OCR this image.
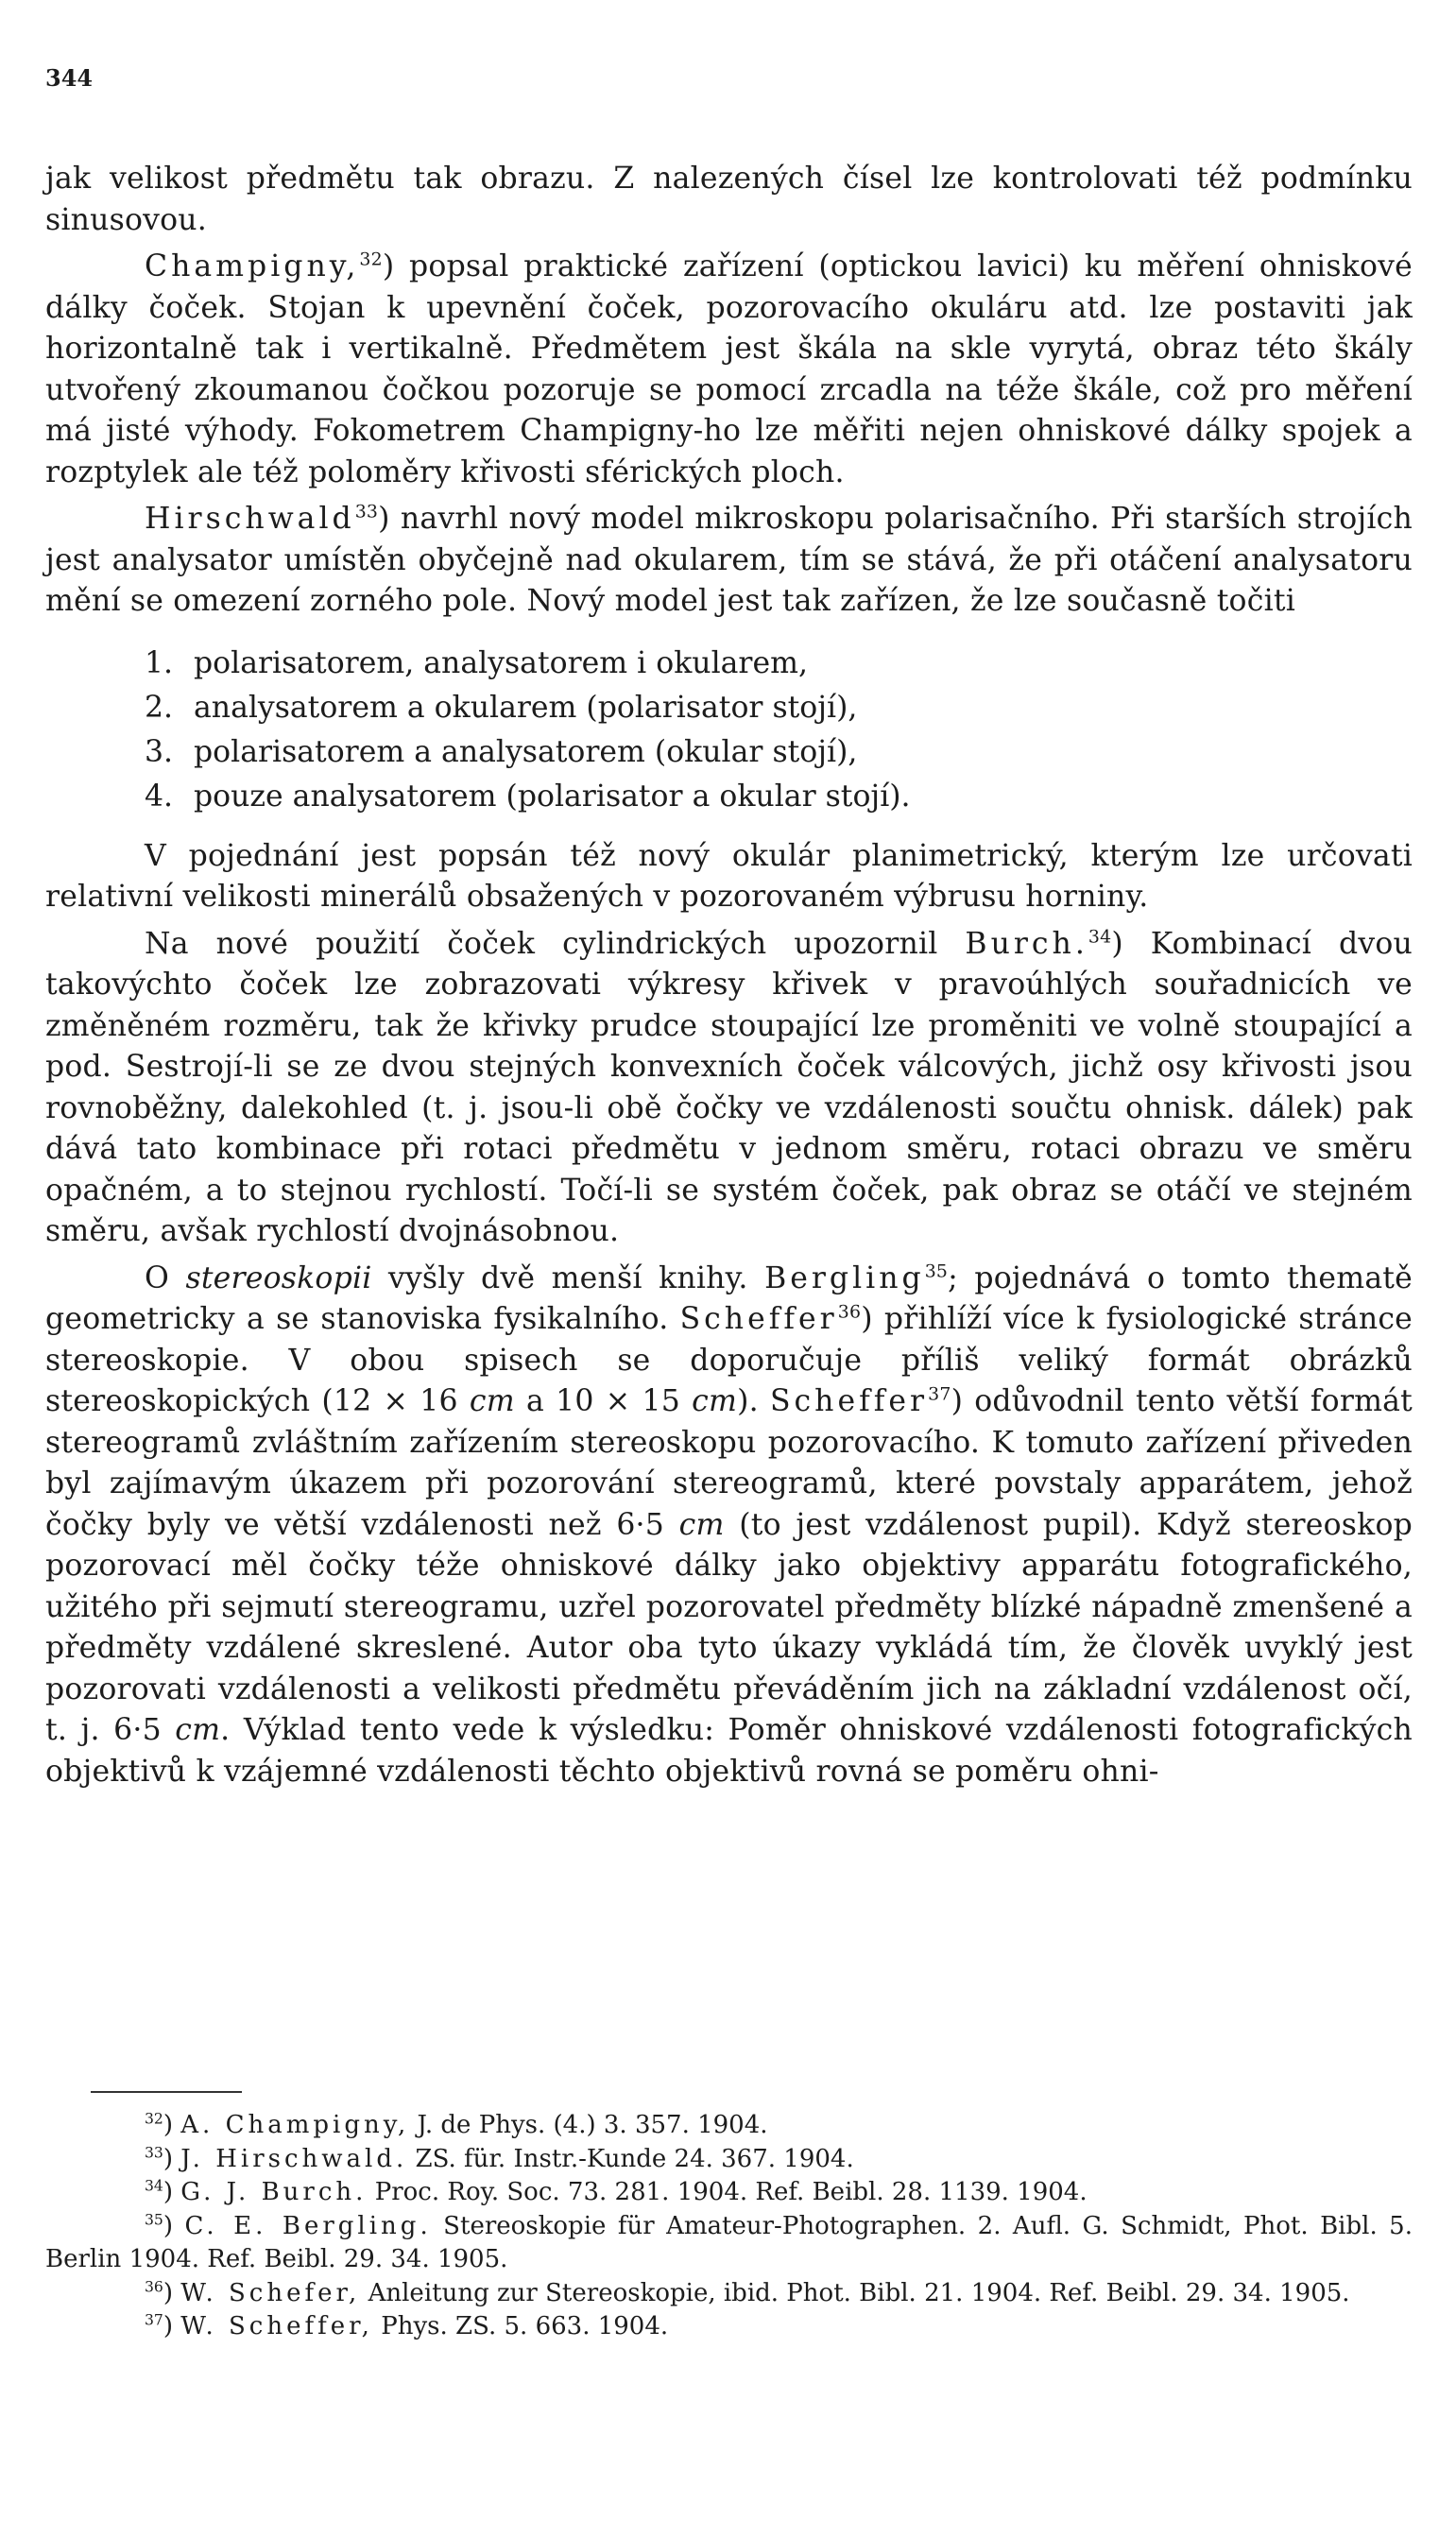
344

jak velikost předmětu tak obrazu. Z nalezených čísel lze kontrolovati též podmínku sinusovou.

Champigny,$^{32}$) popsal praktické zařízení (optickou lavici) ku měření ohniskové dálky čoček. Stojan k upevnění čoček, pozorovacího okuláru atd. lze postaviti jak horizontalně tak i vertikalně. Předmětem jest škála na skle vyrytá, obraz této škály utvořený zkoumanou čočkou pozoruje se pomocí zrcadla na téže škále, což pro měření má jisté výhody. Fokometrem Champigny-ho lze měřiti nejen ohniskové dálky spojek a rozptylek ale též poloměry křivosti sférických ploch.

Hirschwald$^{33}$) navrhl nový model mikroskopu polarisačního. Při starších strojích jest analysator umístěn obyčejně nad okularem, tím se stává, že při otáčení analysatoru mění se omezení zorného pole. Nový model jest tak zařízen, že lze současně točiti

1. polarisatorem, analysatorem i okularem,
2. analysatorem a okularem (polarisator stojí),
3. polarisatorem a analysatorem (okular stojí),
4. pouze analysatorem (polarisator a okular stojí).

V pojednání jest popsán též nový okulár planimetrický, kterým lze určovati relativní velikosti minerálů obsažených v pozorovaném výbrusu horniny.

Na nové použití čoček cylindrických upozornil Burch.$^{34}$) Kombinací dvou takovýchto čoček lze zobrazovati výkresy křivek v pravoúhlých souřadnicích ve změněném rozměru, tak že křivky prudce stoupající lze proměniti ve volně stoupající a pod. Sestrojí-li se ze dvou stejných konvexních čoček válcových, jichž osy křivosti jsou rovnoběžny, dalekohled (t. j. jsou-li obě čočky ve vzdálenosti součtu ohnisk. dálek) pak dává tato kombinace při rotaci předmětu v jednom směru, rotaci obrazu ve směru opačném, a to stejnou rychlostí. Točí-li se systém čoček, pak obraz se otáčí ve stejném směru, avšak rychlostí dvojnásobnou.

O stereoskopii vyšly dvě menší knihy. Bergling$^{35}$; pojednává o tomto thematě geometricky a se stanoviska fysikalního. Scheffer$^{36}$) přihlíží více k fysiologické stránce stereoskopie. V obou spisech se doporučuje příliš veliký formát obrázků stereoskopických (12 × 16 cm a 10 × 15 cm). Scheffer$^{37}$) odůvodnil tento větší formát stereogramů zvláštním zařízením stereoskopu pozorovacího. K tomuto zařízení přiveden byl zajímavým úkazem při pozorování stereogramů, které povstaly apparátem, jehož čočky byly ve větší vzdálenosti než 6·5 cm (to jest vzdálenost pupil). Když stereoskop pozorovací měl čočky téže ohniskové dálky jako objektivy apparátu fotografického, užitého při sejmutí stereogramu, uzřel pozorovatel předměty blízké nápadně zmenšené a předměty vzdálené skreslené. Autor oba tyto úkazy vykládá tím, že člověk uvyklý jest pozorovati vzdálenosti a velikosti předmětu převáděním jich na základní vzdálenost očí, t. j. 6·5 cm. Výklad tento vede k výsledku: Poměr ohniskové vzdálenosti fotografických objektivů k vzájemné vzdálenosti těchto objektivů rovná se poměru ohni-

$^{32}$) A. Champigny, J. de Phys. (4.) 3. 357. 1904.

$^{33}$) J. Hirschwald. ZS. für. Instr.-Kunde 24. 367. 1904.

$^{34}$) G. J. Burch. Proc. Roy. Soc. 73. 281. 1904. Ref. Beibl. 28. 1139. 1904.

$^{35}$) C. E. Bergling. Stereoskopie für Amateur-Photographen. 2. Aufl. G. Schmidt, Phot. Bibl. 5. Berlin 1904. Ref. Beibl. 29. 34. 1905.

$^{36}$) W. Schefer, Anleitung zur Stereoskopie, ibid. Phot. Bibl. 21. 1904. Ref. Beibl. 29. 34. 1905.

$^{37}$) W. Scheffer, Phys. ZS. 5. 663. 1904.
